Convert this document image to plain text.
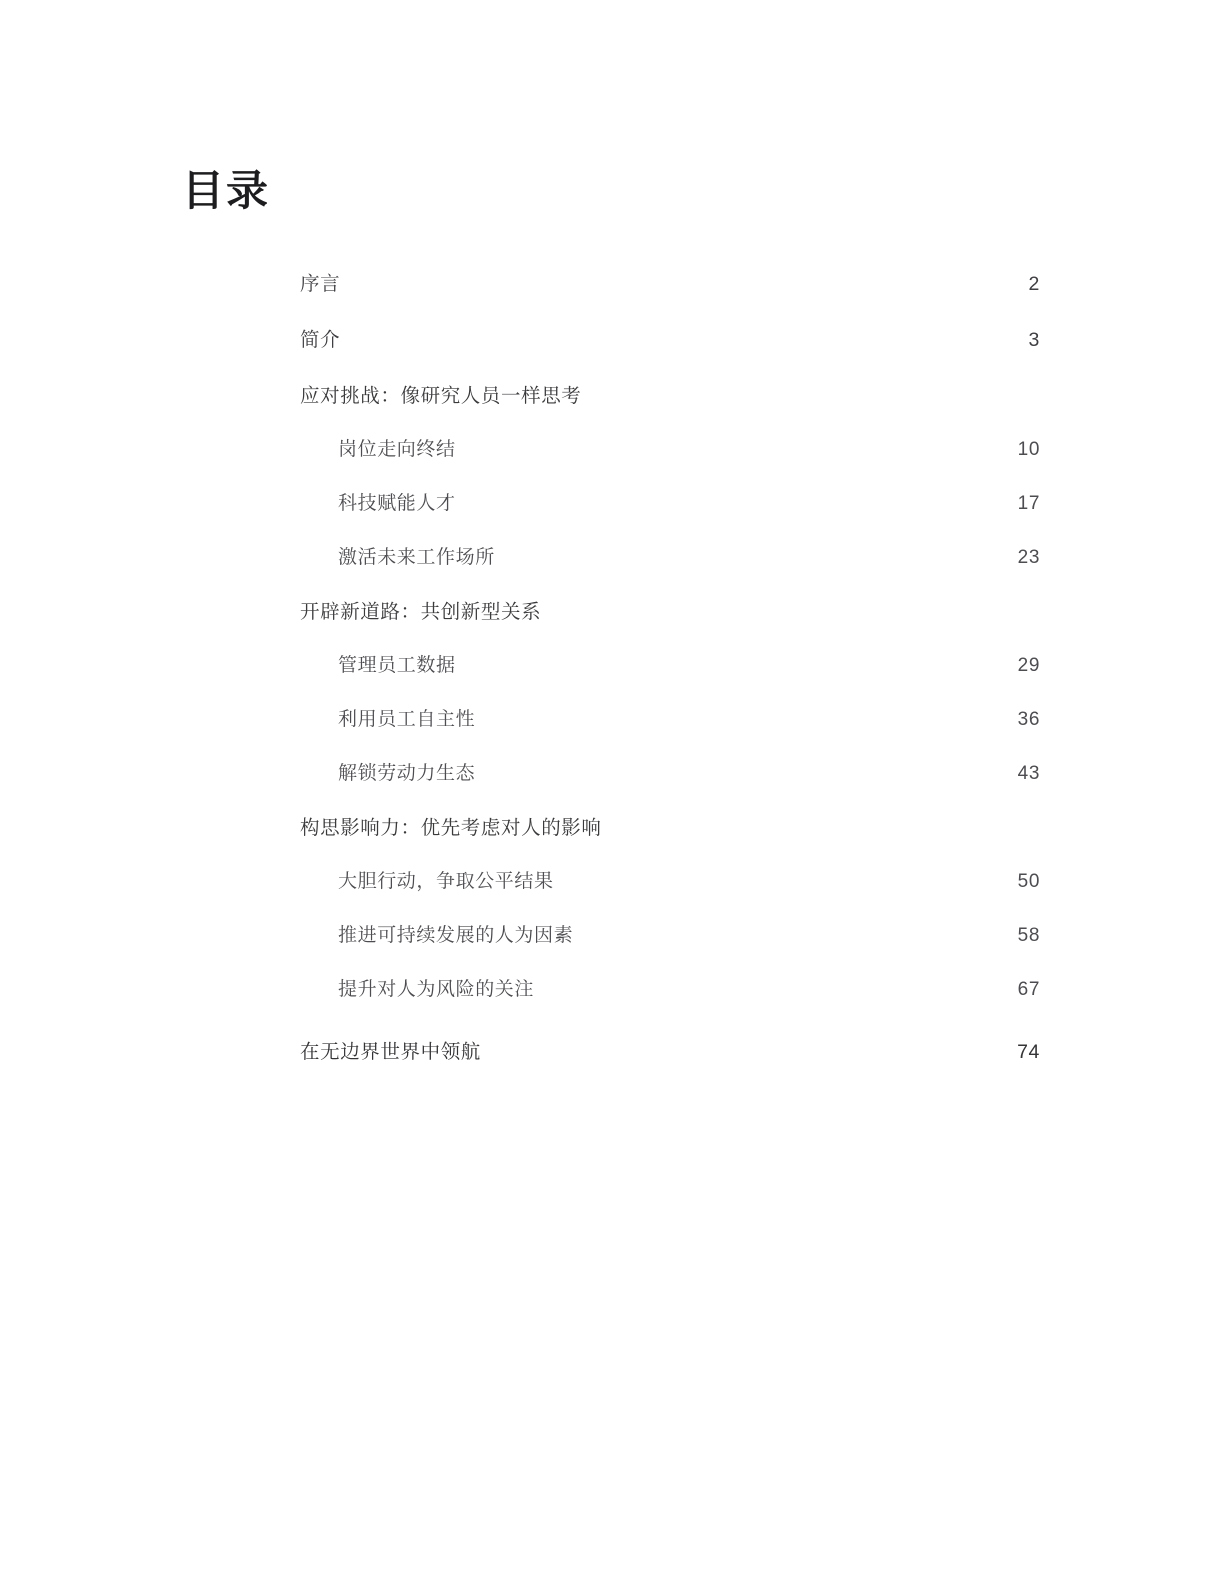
目录
序言	2
简介	3
应对挑战：像研究人员一样思考
岗位走向终结	10
科技赋能人才	17
激活未来工作场所	23
开辟新道路：共创新型关系
管理员工数据	29
利用员工自主性	36
解锁劳动力生态	43
构思影响力：优先考虑对人的影响
大胆行动，争取公平结果	50
推进可持续发展的人为因素	58
提升对人为风险的关注	67
在无边界世界中领航	74
